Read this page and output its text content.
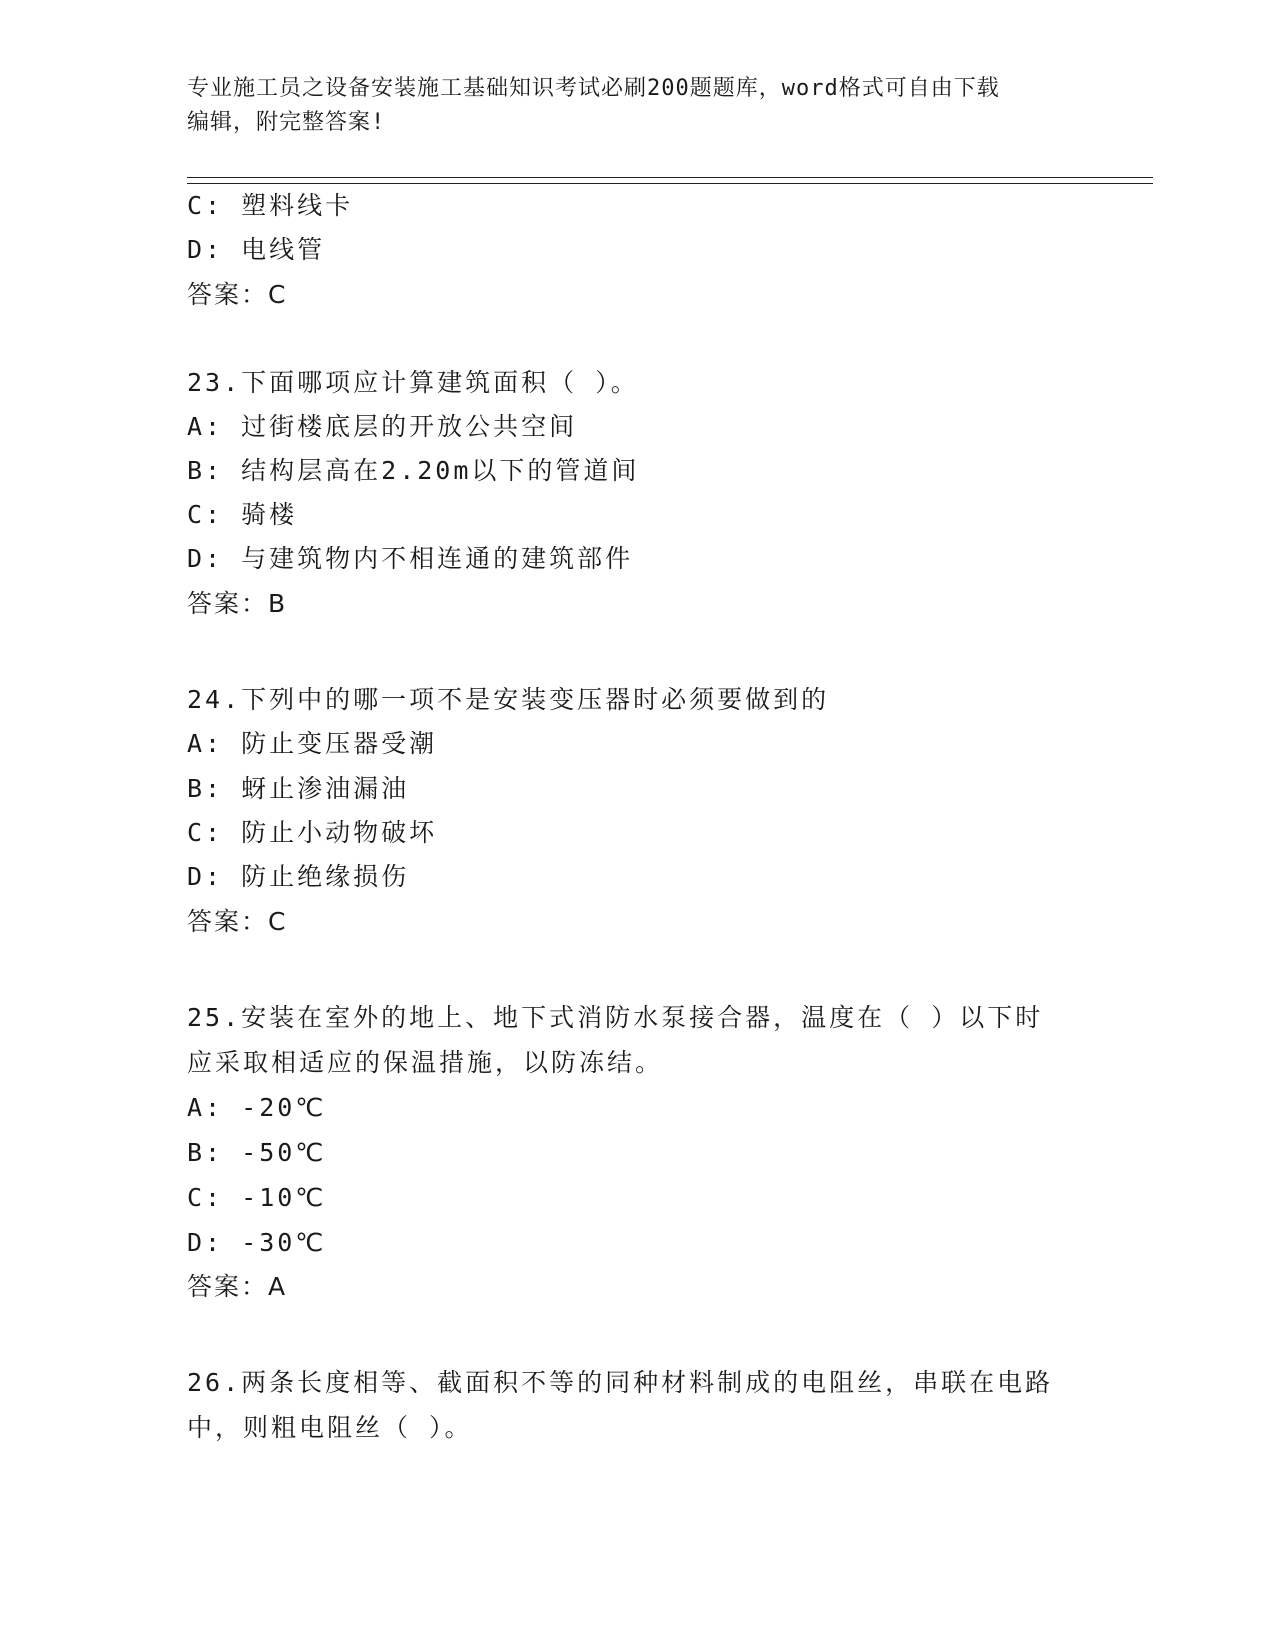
专业施工员之设备安装施工基础知识考试必刷200题题库，word格式可自由下载
编辑，附完整答案!
C: 塑料线卡
D: 电线管
答案：C
23.下面哪项应计算建筑面积（ ）。
A: 过街楼底层的开放公共空间
B: 结构层高在2.20m以下的管道间
C: 骑楼
D: 与建筑物内不相连通的建筑部件
答案：B
24.下列中的哪一项不是安装变压器时必须要做到的
A: 防止变压器受潮
B: 蚜止渗油漏油
C: 防止小动物破坏
D: 防止绝缘损伤
答案：C
25.安装在室外的地上、地下式消防水泵接合器，温度在（ ）以下时
应采取相适应的保温措施，以防冻结。
A: -20℃
B: -50℃
C: -10℃
D: -30℃
答案：A
26.两条长度相等、截面积不等的同种材料制成的电阻丝，串联在电路
中，则粗电阻丝（ ）。
